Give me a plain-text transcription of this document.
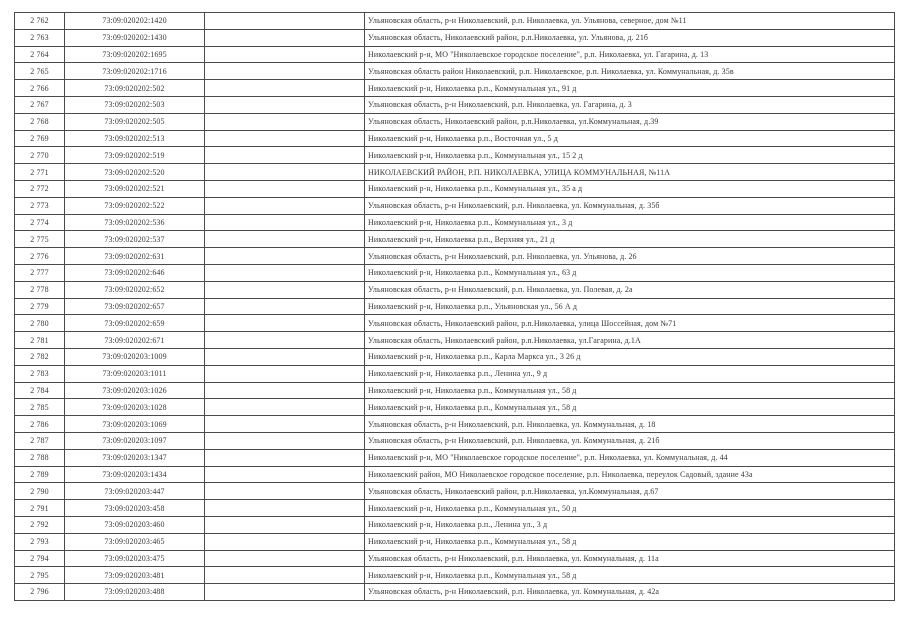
2 762	73:09:020202:1420		Ульяновская область, р-н Николаевский, р.п. Николаевка, ул. Ульянова, северное, дом №11
2 763	73:09:020202:1430		Ульяновская область, Николаевский район, р.п.Николаевка, ул. Ульянова, д. 21б
2 764	73:09:020202:1695		Николаевский р-н, МО "Николаевское городское поселение", р.п. Николаевка, ул. Гагарина, д. 13
2 765	73:09:020202:1716		Ульяновская область район Николаевский, р.п. Николаевское, р.п. Николаевка, ул. Коммунальная, д. 35в
2 766	73:09:020202:502		Николаевский р-н, Николаевка р.п., Коммунальная ул., 91 д
2 767	73:09:020202:503		Ульяновская область, р-н Николаевский, р.п. Николаевка, ул. Гагарина, д. 3
2 768	73:09:020202:505		Ульяновская область, Николаевский район, р.п.Николаевка, ул.Коммунальная, д.39
2 769	73:09:020202:513		Николаевский р-н, Николаевка р.п., Восточная ул., 5 д
2 770	73:09:020202:519		Николаевский р-н, Николаевка р.п., Коммунальная ул., 15 2 д
2 771	73:09:020202:520		НИКОЛАЕВСКИЙ РАЙОН, Р.П. НИКОЛАЕВКА, УЛИЦА КОММУНАЛЬНАЯ, №11А
2 772	73:09:020202:521		Николаевский р-н, Николаевка р.п., Коммунальная ул., 35 а д
2 773	73:09:020202:522		Ульяновская область, р-н Николаевский, р.п. Николаевка, ул. Коммунальная, д. 35б
2 774	73:09:020202:536		Николаевский р-н, Николаевка р.п., Коммунальная ул., 3 д
2 775	73:09:020202:537		Николаевский р-н, Николаевка р.п., Верхняя ул., 21 д
2 776	73:09:020202:631		Ульяновская область, р-н Николаевский, р.п. Николаевка, ул. Ульянова, д. 26
2 777	73:09:020202:646		Николаевский р-н, Николаевка р.п., Коммунальная ул., 63 д
2 778	73:09:020202:652		Ульяновская область, р-н Николаевский, р.п. Николаевка, ул. Полевая, д. 2а
2 779	73:09:020202:657		Николаевский р-н, Николаевка р.п., Ульяновская ул., 56 А д
2 780	73:09:020202:659		Ульяновская область, Николаевский район, р.п.Николаевка, улица Шоссейная, дом №71
2 781	73:09:020202:671		Ульяновская область, Николаевский район, р.п.Николаевка, ул.Гагарина, д.1А
2 782	73:09:020203:1009		Николаевский р-н, Николаевка р.п., Карла Маркса ул., 3 26 д
2 783	73:09:020203:1011		Николаевский р-н, Николаевка р.п., Ленина ул., 9 д
2 784	73:09:020203:1026		Николаевский р-н, Николаевка р.п., Коммунальная ул., 58 д
2 785	73:09:020203:1028		Николаевский р-н, Николаевка р.п., Коммунальная ул., 58 д
2 786	73:09:020203:1069		Ульяновская область, р-н Николаевский, р.п. Николаевка, ул. Коммунальная, д. 18
2 787	73:09:020203:1097		Ульяновская область, р-н Николаевский, р.п. Николаевка, ул. Коммунальная, д. 21б
2 788	73:09:020203:1347		Николаевский р-н, МО "Николаевское городское поселение", р.п. Николаевка, ул. Коммунальная, д. 44
2 789	73:09:020203:1434		Николаевский район, МО Николаевское городское поселение, р.п. Николаевка, переулок Садовый, здание 43а
2 790	73:09:020203:447		Ульяновская область, Николаевский район, р.п.Николаевка, ул.Коммунальная, д.67
2 791	73:09:020203:458		Николаевский р-н, Николаевка р.п., Коммунальная ул., 50 д
2 792	73:09:020203:460		Николаевский р-н, Николаевка р.п., Ленина ул., 3 д
2 793	73:09:020203:465		Николаевский р-н, Николаевка р.п., Коммунальная ул., 58 д
2 794	73:09:020203:475		Ульяновская область, р-н Николаевский, р.п. Николаевка, ул. Коммунальная, д. 11а
2 795	73:09:020203:481		Николаевский р-н, Николаевка р.п., Коммунальная ул., 58 д
2 796	73:09:020203:488		Ульяновская область, р-н Николаевский, р.п. Николаевка, ул. Коммунальная, д. 42а
